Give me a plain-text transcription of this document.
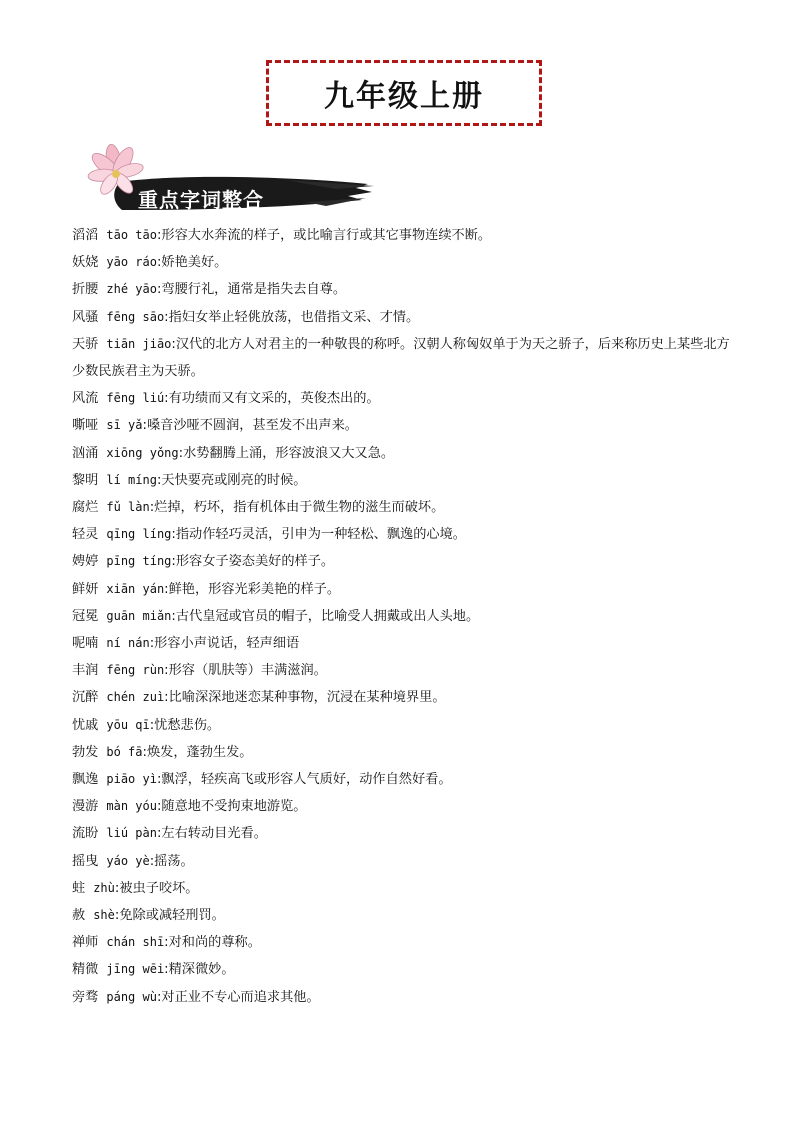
九年级上册
重点字词整合

滔滔 tāo tāo:形容大水奔流的样子，或比喻言行或其它事物连续不断。

妖娆 yāo ráo:娇艳美好。

折腰 zhé yāo:弯腰行礼，通常是指失去自尊。

风骚 fēng sāo:指妇女举止轻佻放荡，也借指文采、才情。

天骄 tiān jiāo:汉代的北方人对君主的一种敬畏的称呼。汉朝人称匈奴单于为天之骄子，后来称历史上某些北方少数民族君主为天骄。

风流 fēng liú:有功绩而又有文采的，英俊杰出的。

嘶哑 sī yǎ:嗓音沙哑不圆润，甚至发不出声来。

汹涌 xiōng yǒng:水势翻腾上涌，形容波浪又大又急。

黎明 lí míng:天快要亮或刚亮的时候。

腐烂 fǔ làn:烂掉，朽坏，指有机体由于微生物的滋生而破坏。

轻灵 qīng líng:指动作轻巧灵活，引申为一种轻松、飘逸的心境。

娉婷 pīng tíng:形容女子姿态美好的样子。

鲜妍 xiān yán:鲜艳，形容光彩美艳的样子。

冠冕 guān miǎn:古代皇冠或官员的帽子，比喻受人拥戴或出人头地。

呢喃 ní nán:形容小声说话，轻声细语

丰润 fēng rùn:形容（肌肤等）丰满滋润。

沉醉 chén zuì:比喻深深地迷恋某种事物，沉浸在某种境界里。

忧戚 yōu qī:忧愁悲伤。

勃发 bó fā:焕发，蓬勃生发。

飘逸 piāo yì:飘浮，轻疾高飞或形容人气质好，动作自然好看。

漫游 màn yóu:随意地不受拘束地游览。

流盼 liú pàn:左右转动目光看。

摇曳 yáo yè:摇荡。

蛀 zhù:被虫子咬坏。

赦 shè:免除或减轻刑罚。

禅师 chán shī:对和尚的尊称。

精微 jīng wēi:精深微妙。

旁骛 páng wù:对正业不专心而追求其他。
